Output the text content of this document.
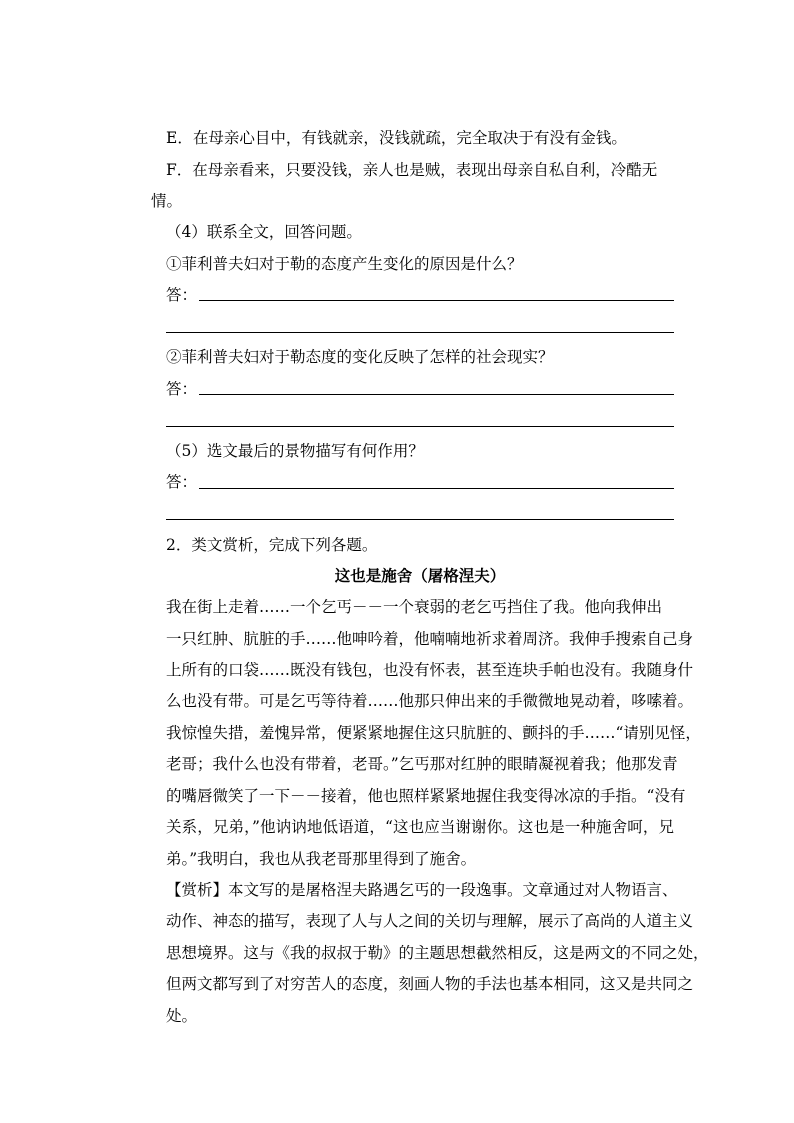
E．在母亲心目中，有钱就亲，没钱就疏，完全取决于有没有金钱。
F．在母亲看来，只要没钱，亲人也是贼，表现出母亲自私自利，冷酷无
情。
（4）联系全文，回答问题。
①菲利普夫妇对于勒的态度产生变化的原因是什么？
答：
②菲利普夫妇对于勒态度的变化反映了怎样的社会现实？
答：
（5）选文最后的景物描写有何作用？
答：
2．类文赏析，完成下列各题。
这也是施舍（屠格涅夫）
我在街上走着……一个乞丐－－一个衰弱的老乞丐挡住了我。他向我伸出
一只红肿、肮脏的手……他呻吟着，他喃喃地祈求着周济。我伸手搜索自己身
上所有的口袋……既没有钱包，也没有怀表，甚至连块手帕也没有。我随身什
么也没有带。可是乞丐等待着……他那只伸出来的手微微地晃动着，哆嗦着。
我惊惶失措，羞愧异常，便紧紧地握住这只肮脏的、颤抖的手……“请别见怪，
老哥；我什么也没有带着，老哥。”乞丐那对红肿的眼睛凝视着我；他那发青
的嘴唇微笑了一下－－接着，他也照样紧紧地握住我变得冰凉的手指。“没有
关系，兄弟，”他讷讷地低语道，“这也应当谢谢你。这也是一种施舍呵，兄
弟。”我明白，我也从我老哥那里得到了施舍。
【赏析】本文写的是屠格涅夫路遇乞丐的一段逸事。文章通过对人物语言、
动作、神态的描写，表现了人与人之间的关切与理解，展示了高尚的人道主义
思想境界。这与《我的叔叔于勒》的主题思想截然相反，这是两文的不同之处，
但两文都写到了对穷苦人的态度，刻画人物的手法也基本相同，这又是共同之
处。
